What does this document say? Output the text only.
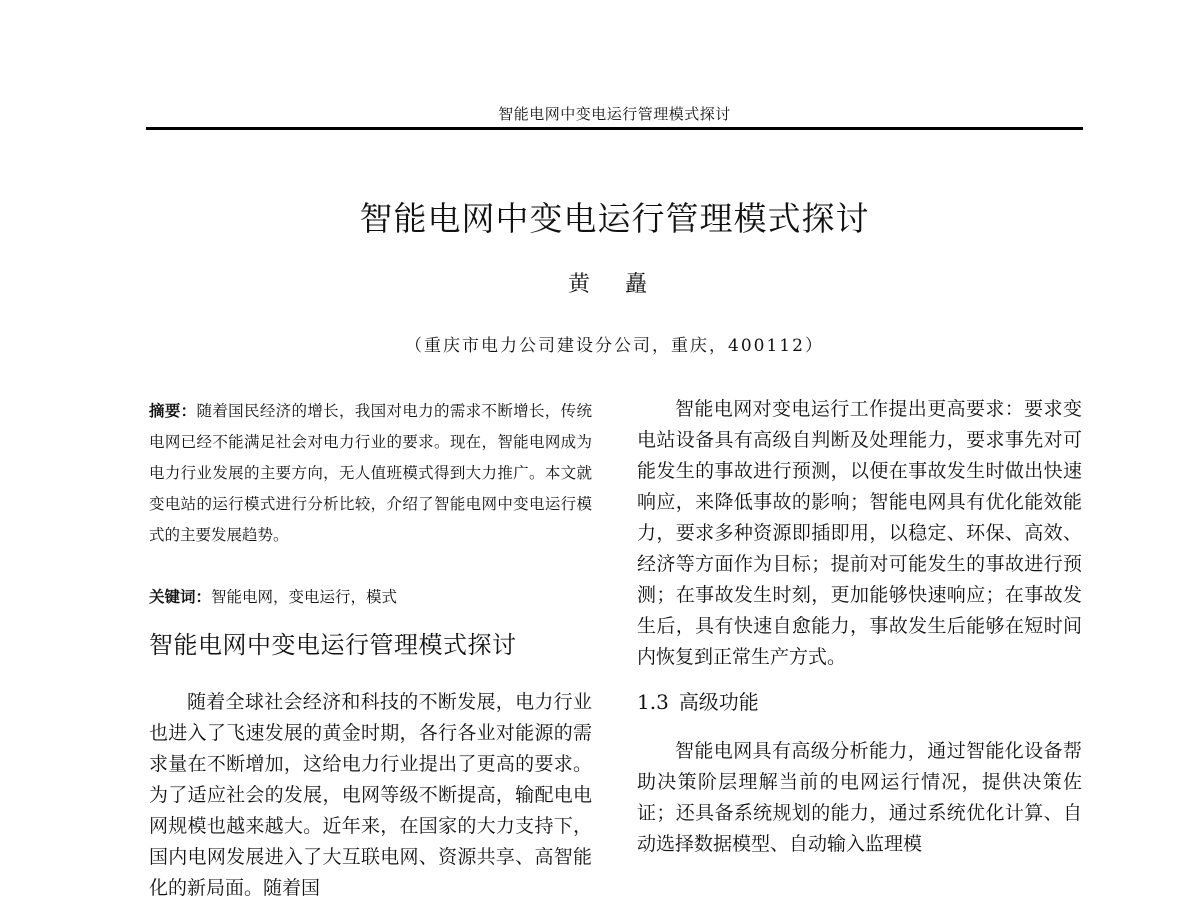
智能电网中变电运行管理模式探讨
智能电网中变电运行管理模式探讨
黄 矗
（重庆市电力公司建设分公司，重庆，400112）

摘要：随着国民经济的增长，我国对电力的需求不断增长，传统电网已经不能满足社会对电力行业的要求。现在，智能电网成为电力行业发展的主要方向，无人值班模式得到大力推广。本文就变电站的运行模式进行分析比较，介绍了智能电网中变电运行模式的主要发展趋势。

关键词：智能电网，变电运行，模式

智能电网中变电运行管理模式探讨

随着全球社会经济和科技的不断发展，电力行业也进入了飞速发展的黄金时期，各行各业对能源的需求量在不断增加，这给电力行业提出了更高的要求。为了适应社会的发展，电网等级不断提高，输配电电网规模也越来越大。近年来，在国家的大力支持下，国内电网发展进入了大互联电网、资源共享、高智能化的新局面。随着国

智能电网对变电运行工作提出更高要求：要求变电站设备具有高级自判断及处理能力，要求事先对可能发生的事故进行预测，以便在事故发生时做出快速响应，来降低事故的影响；智能电网具有优化能效能力，要求多种资源即插即用，以稳定、环保、高效、经济等方面作为目标；提前对可能发生的事故进行预测；在事故发生时刻，更加能够快速响应；在事故发生后，具有快速自愈能力，事故发生后能够在短时间内恢复到正常生产方式。

1.3 高级功能

智能电网具有高级分析能力，通过智能化设备帮助决策阶层理解当前的电网运行情况，提供决策佐证；还具备系统规划的能力，通过系统优化计算、自动选择数据模型、自动输入监理模
